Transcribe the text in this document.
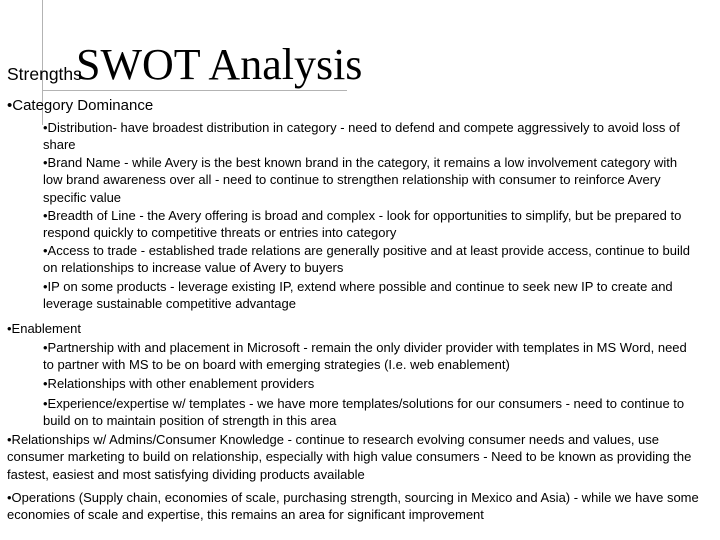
SWOT Analysis
Strengths
•Category Dominance
•Distribution- have broadest distribution in category - need to defend and compete aggressively to avoid loss of share
•Brand Name - while Avery is the best known brand in the category, it remains a low involvement category with low brand awareness over all - need to continue to strengthen relationship with consumer to reinforce Avery specific value
•Breadth of Line - the Avery offering is broad and complex - look for opportunities to simplify, but be prepared to respond quickly to competitive threats or entries into category
•Access to trade - established trade relations are generally positive and at least provide access, continue to build on relationships to increase value of Avery to buyers
•IP on some products - leverage existing IP, extend where possible and continue to seek new IP to create and leverage sustainable competitive advantage
•Enablement
•Partnership with and placement in Microsoft - remain the only divider provider with templates in MS Word, need to partner with MS to be on board with emerging strategies (I.e. web enablement)
•Relationships with other enablement providers
•Experience/expertise w/ templates - we have more templates/solutions for our consumers - need to continue to build on to maintain position of strength in this area
•Relationships w/ Admins/Consumer Knowledge - continue to research evolving consumer needs and values, use consumer marketing to build on relationship, especially with high value consumers - Need to be known as providing the fastest, easiest and most satisfying dividing products available
•Operations (Supply chain, economies of scale, purchasing strength, sourcing in Mexico and Asia) - while we have some economies of scale and expertise, this remains an area for significant improvement
